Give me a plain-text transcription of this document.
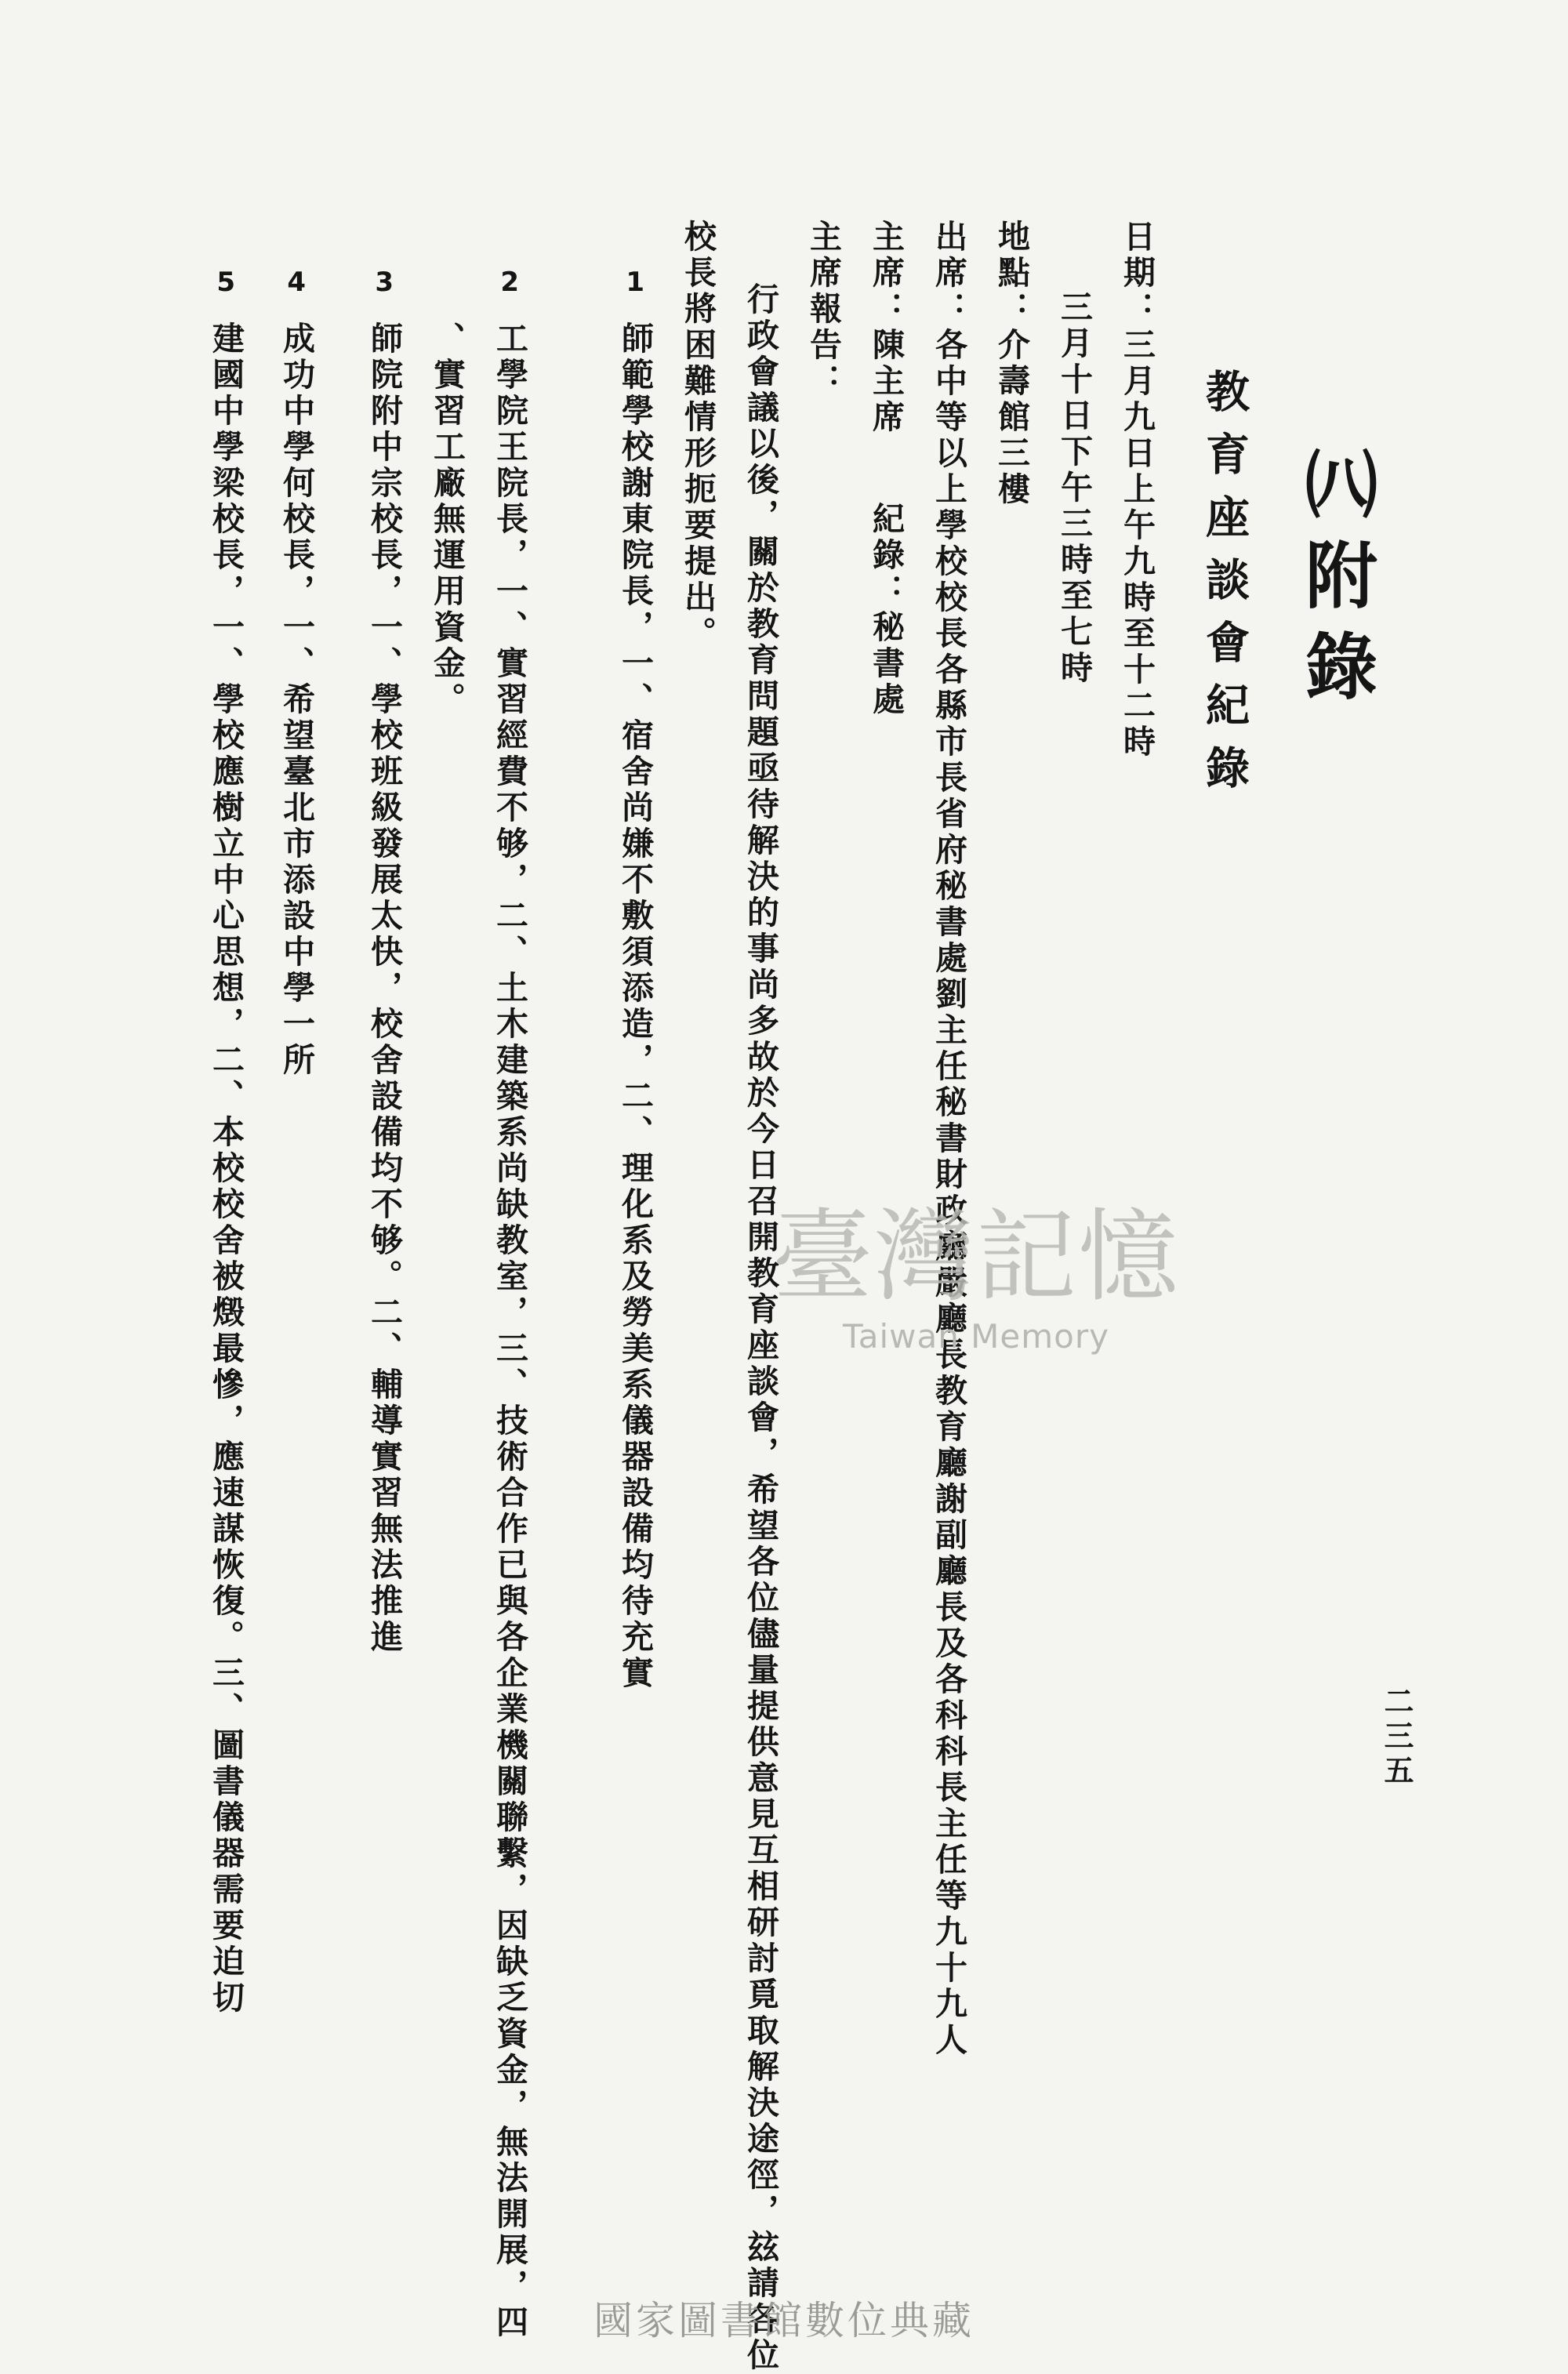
㈧附錄
教育座談會紀錄
日期：三月九日上午九時至十二時
三月十日下午三時至七時
地點：介壽館三樓
出席：各中等以上學校校長各縣市長省府秘書處劉主任秘書財政廳嚴廳長教育廳謝副廳長及各科科長主任等九十九人
主席：陳主席
紀錄：秘書處
主席報告：
行政會議以後，關於教育問題亟待解決的事尚多故於今日召開教育座談會，希望各位儘量提供意見互相研討覓取解決途徑，玆請各位
校長將困難情形扼要提出。
1
師範學校謝東院長，一、宿舍尚嫌不敷須添造，二、理化系及勞美系儀器設備均待充實
2
工學院王院長，一、實習經費不够，二、土木建築系尚缺教室，三、技術合作已與各企業機關聯繫，因缺乏資金，無法開展，四
、實習工廠無運用資金。
3
師院附中宗校長，一、學校班級發展太快，校舍設備均不够。二、輔導實習無法推進
4
成功中學何校長，一、希望臺北市添設中學一所
5
建國中學梁校長，一、學校應樹立中心思想，二、本校校舍被燬最慘，應速謀恢復。三、圖書儀器需要迫切	二三五
臺灣記憶
Taiwan Memory
國家圖書館數位典藏
